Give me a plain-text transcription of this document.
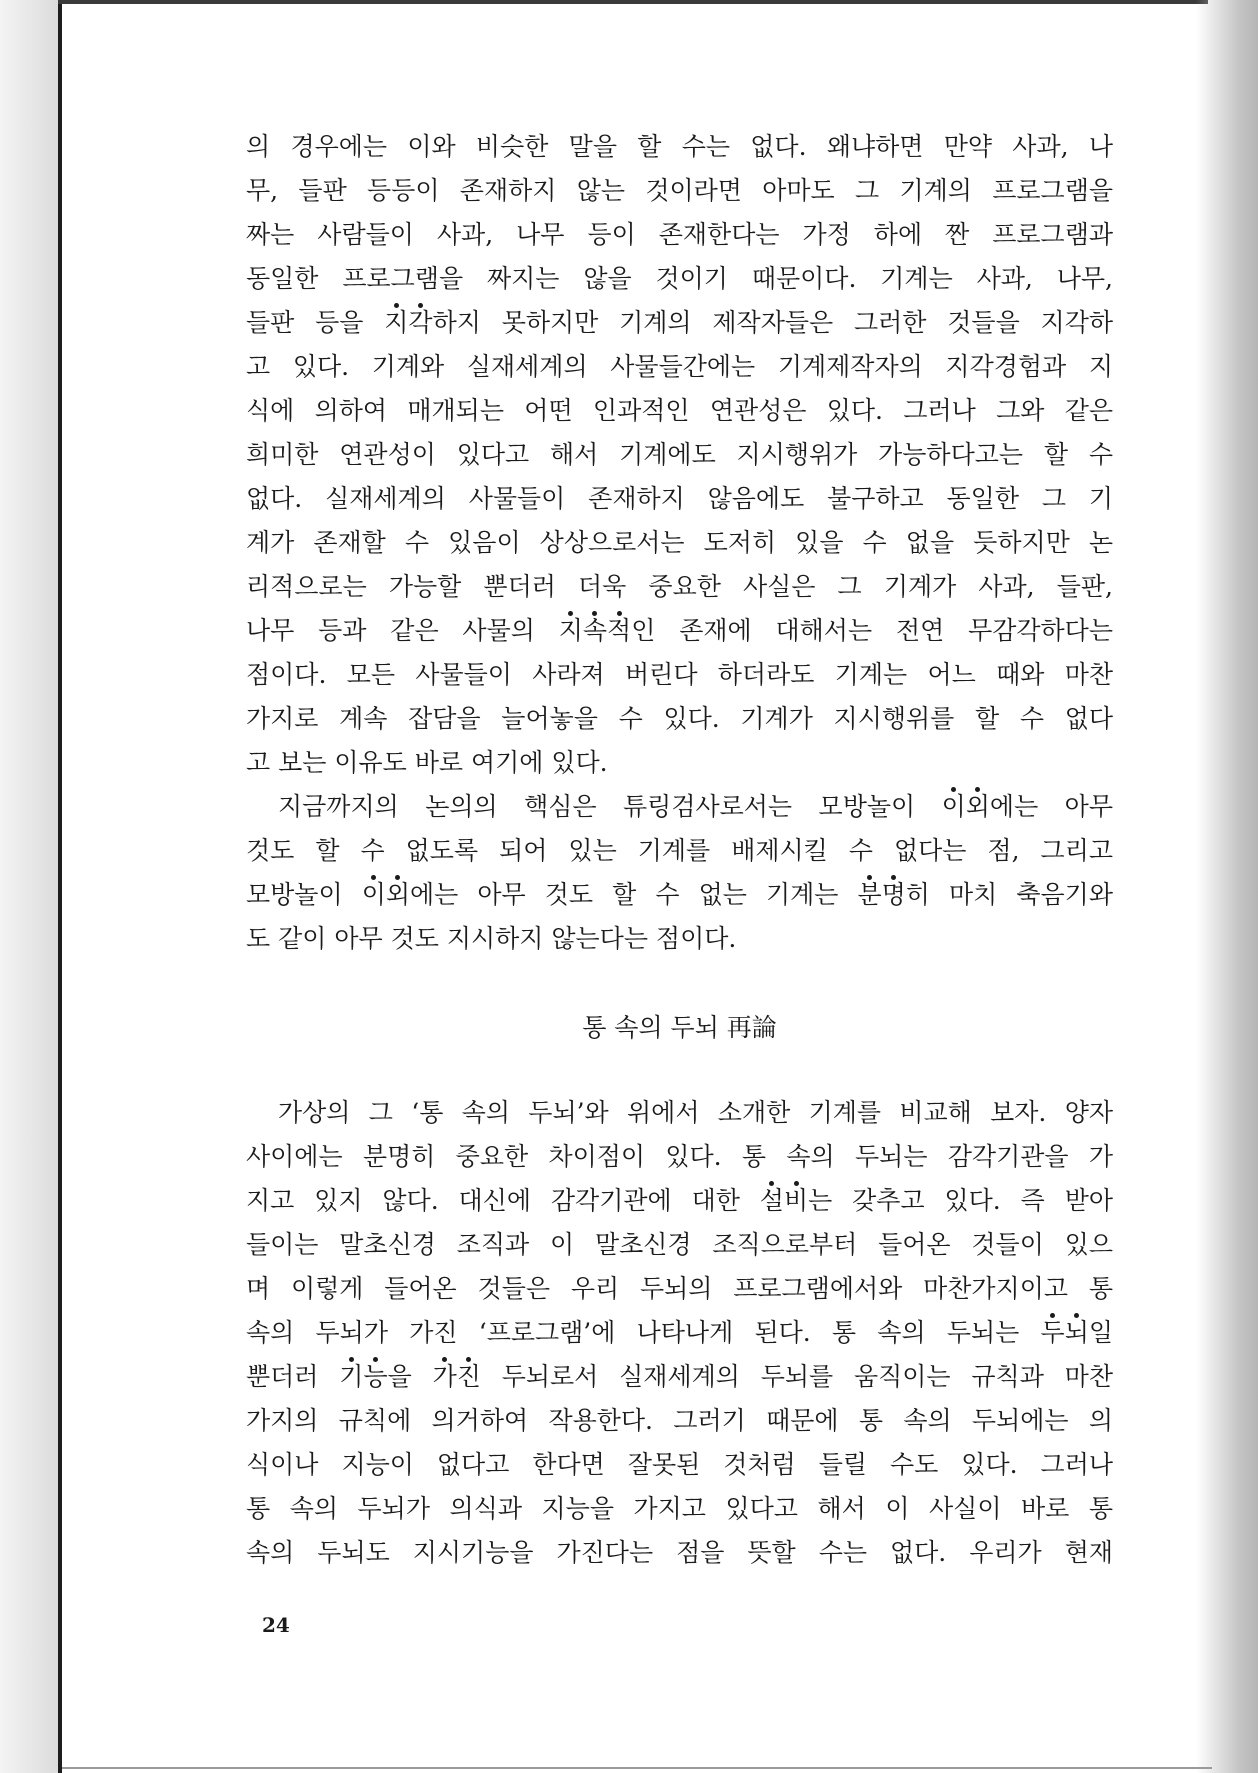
의 경우에는 이와 비슷한 말을 할 수는 없다. 왜냐하면 만약 사과, 나
무, 들판 등등이 존재하지 않는 것이라면 아마도 그 기계의 프로그램을
짜는 사람들이 사과, 나무 등이 존재한다는 가정 하에 짠 프로그램과
동일한 프로그램을 짜지는 않을 것이기 때문이다. 기계는 사과, 나무,
들판 등을 지각하지 못하지만 기계의 제작자들은 그러한 것들을 지각하
고 있다. 기계와 실재세계의 사물들간에는 기계제작자의 지각경험과 지
식에 의하여 매개되는 어떤 인과적인 연관성은 있다. 그러나 그와 같은
희미한 연관성이 있다고 해서 기계에도 지시행위가 가능하다고는 할 수
없다. 실재세계의 사물들이 존재하지 않음에도 불구하고 동일한 그 기
계가 존재할 수 있음이 상상으로서는 도저히 있을 수 없을 듯하지만 논
리적으로는 가능할 뿐더러 더욱 중요한 사실은 그 기계가 사과, 들판,
나무 등과 같은 사물의 지속적인 존재에 대해서는 전연 무감각하다는
점이다. 모든 사물들이 사라져 버린다 하더라도 기계는 어느 때와 마찬
가지로 계속 잡담을 늘어놓을 수 있다. 기계가 지시행위를 할 수 없다
고 보는 이유도 바로 여기에 있다.
지금까지의 논의의 핵심은 튜링검사로서는 모방놀이 이외에는 아무
것도 할 수 없도록 되어 있는 기계를 배제시킬 수 없다는 점, 그리고
모방놀이 이외에는 아무 것도 할 수 없는 기계는 분명히 마치 축음기와
도 같이 아무 것도 지시하지 않는다는 점이다.
통 속의 두뇌 再論
가상의 그 ‘통 속의 두뇌’와 위에서 소개한 기계를 비교해 보자. 양자
사이에는 분명히 중요한 차이점이 있다. 통 속의 두뇌는 감각기관을 가
지고 있지 않다. 대신에 감각기관에 대한 설비는 갖추고 있다. 즉 받아
들이는 말초신경 조직과 이 말초신경 조직으로부터 들어온 것들이 있으
며 이렇게 들어온 것들은 우리 두뇌의 프로그램에서와 마찬가지이고 통
속의 두뇌가 가진 ‘프로그램’에 나타나게 된다. 통 속의 두뇌는 두뇌일
뿐더러 기능을 가진 두뇌로서 실재세계의 두뇌를 움직이는 규칙과 마찬
가지의 규칙에 의거하여 작용한다. 그러기 때문에 통 속의 두뇌에는 의
식이나 지능이 없다고 한다면 잘못된 것처럼 들릴 수도 있다. 그러나
통 속의 두뇌가 의식과 지능을 가지고 있다고 해서 이 사실이 바로 통
속의 두뇌도 지시기능을 가진다는 점을 뜻할 수는 없다. 우리가 현재
24
